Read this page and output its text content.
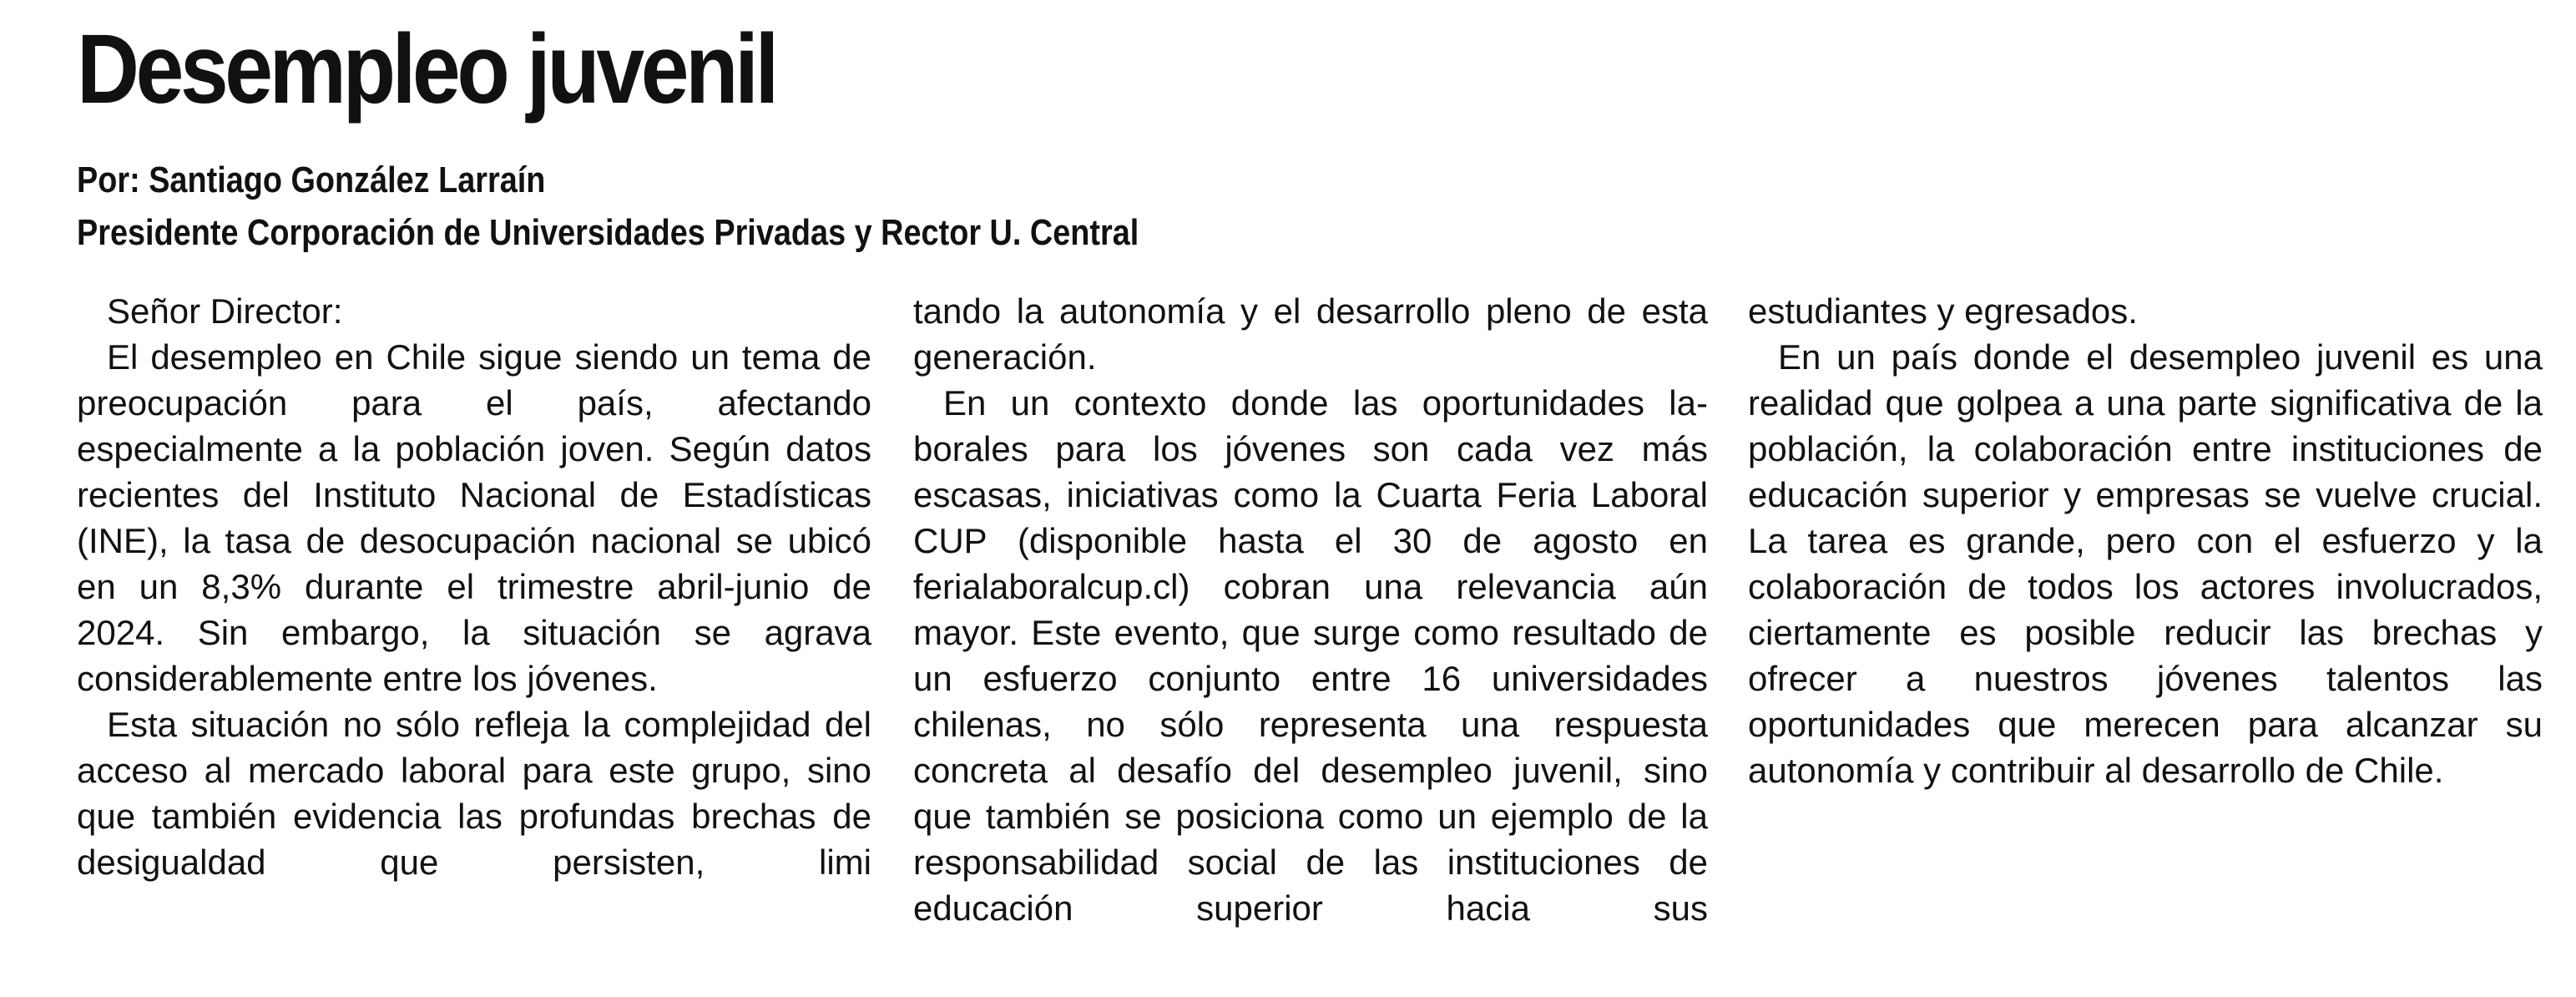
Desempleo juvenil
Por: Santiago González Larraín
Presidente Corporación de Universidades Privadas y Rector U. Central

Señor Director:

El desempleo en Chile sigue siendo un tema de preocupación para el país, afectando especialmente a la población joven. Según datos recientes del Instituto Nacional de Estadísticas (INE), la tasa de desocupación nacional se ubicó en un 8,3% durante el trimestre abril-junio de 2024. Sin embargo, la situación se agrava considerablemente entre los jóvenes.

Esta situación no sólo refleja la complejidad del acceso al mercado laboral para este grupo, sino que también evidencia las profundas brechas de desigualdad que persisten, limi

tando la autonomía y el desarrollo pleno de esta generación.

En un contexto donde las oportunidades laborales para los jóvenes son cada vez más escasas, iniciativas como la Cuarta Feria Laboral CUP (disponible hasta el 30 de agosto en ferialaboralcup.cl) cobran una relevancia aún mayor. Este evento, que surge como resultado de un esfuerzo conjunto entre 16 universidades chilenas, no sólo representa una respuesta concreta al desafío del desempleo juvenil, sino que también se posiciona como un ejemplo de la responsabilidad social de las instituciones de educación superior hacia sus

estudiantes y egresados.

En un país donde el desempleo juvenil es una realidad que golpea a una parte significativa de la población, la colaboración entre instituciones de educación superior y empresas se vuelve crucial. La tarea es grande, pero con el esfuerzo y la colaboración de todos los actores involucrados, ciertamente es posible reducir las brechas y ofrecer a nuestros jóvenes talentos las oportunidades que merecen para alcanzar su autonomía y contribuir al desarrollo de Chile.
